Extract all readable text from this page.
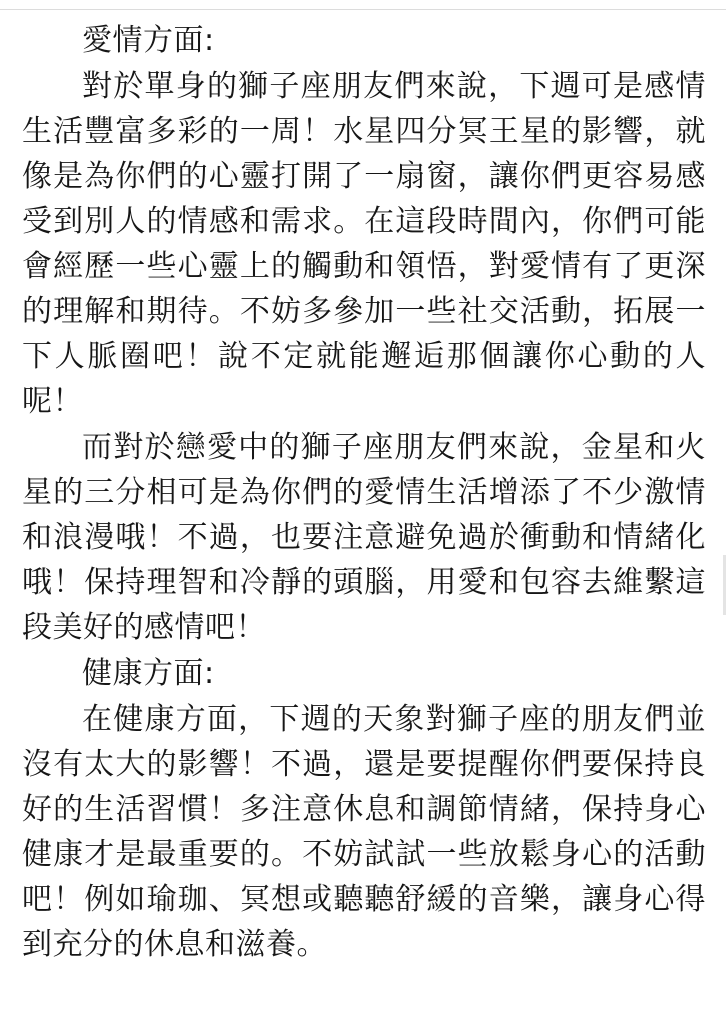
愛情方面:

對於單身的獅子座朋友們來說，下週可是感情生活豐富多彩的一周！水星四分冥王星的影響，就像是為你們的心靈打開了一扇窗，讓你們更容易感受到別人的情感和需求。在這段時間內，你們可能會經歷一些心靈上的觸動和領悟，對愛情有了更深的理解和期待。不妨多參加一些社交活動，拓展一下人脈圈吧！說不定就能邂逅那個讓你心動的人呢！

而對於戀愛中的獅子座朋友們來說，金星和火星的三分相可是為你們的愛情生活增添了不少激情和浪漫哦！不過，也要注意避免過於衝動和情緒化哦！保持理智和冷靜的頭腦，用愛和包容去維繫這段美好的感情吧！

健康方面:

在健康方面，下週的天象對獅子座的朋友們並沒有太大的影響！不過，還是要提醒你們要保持良好的生活習慣！多注意休息和調節情緒，保持身心健康才是最重要的。不妨試試一些放鬆身心的活動吧！例如瑜珈、冥想或聽聽舒緩的音樂，讓身心得到充分的休息和滋養。
